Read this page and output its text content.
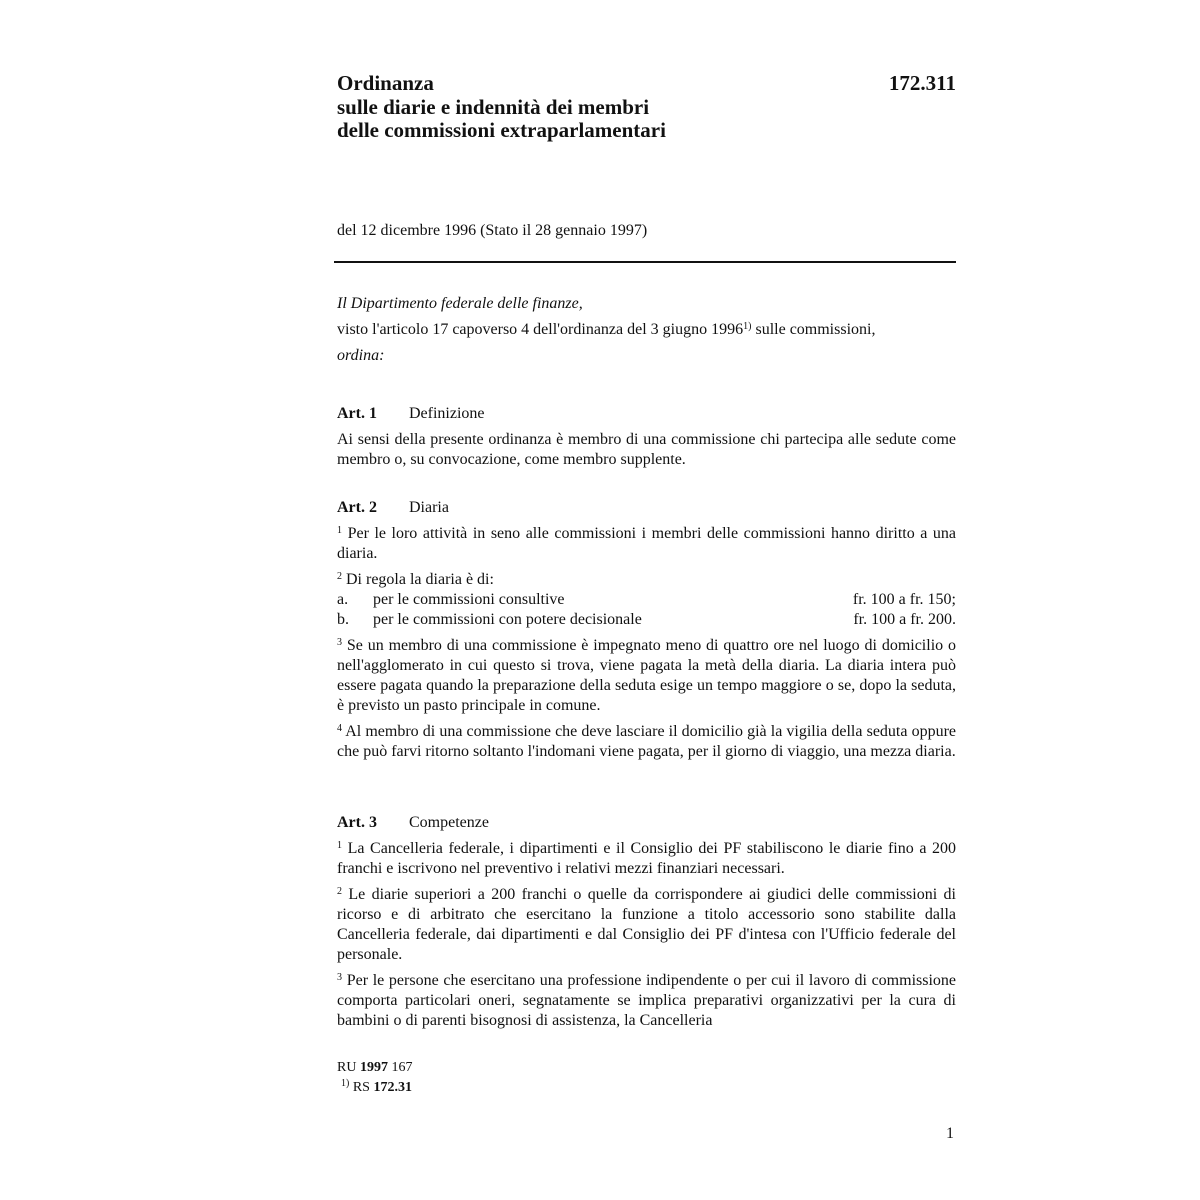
Ordinanza
sulle diarie e indennità dei membri
delle commissioni extraparlamentari
172.311
del 12 dicembre 1996 (Stato il 28 gennaio 1997)
Il Dipartimento federale delle finanze,
visto l'articolo 17 capoverso 4 dell'ordinanza del 3 giugno 1996$^{1)}$ sulle commissioni,
ordina:
Art. 1 Definizione
Ai sensi della presente ordinanza è membro di una commissione chi partecipa alle sedute come membro o, su convocazione, come membro supplente.
Art. 2 Diaria
$^1$ Per le loro attività in seno alle commissioni i membri delle commissioni hanno diritto a una diaria.
$^2$ Di regola la diaria è di:
a.	per le commissioni consultive	fr. 100 a fr. 150;
b.	per le commissioni con potere decisionale	fr. 100 a fr. 200.
$^3$ Se un membro di una commissione è impegnato meno di quattro ore nel luogo di domicilio o nell'agglomerato in cui questo si trova, viene pagata la metà della diaria. La diaria intera può essere pagata quando la preparazione della seduta esige un tempo maggiore o se, dopo la seduta, è previsto un pasto principale in comune.
$^4$ Al membro di una commissione che deve lasciare il domicilio già la vigilia della seduta oppure che può farvi ritorno soltanto l'indomani viene pagata, per il giorno di viaggio, una mezza diaria.
Art. 3 Competenze
$^1$ La Cancelleria federale, i dipartimenti e il Consiglio dei PF stabiliscono le diarie fino a 200 franchi e iscrivono nel preventivo i relativi mezzi finanziari necessari.
$^2$ Le diarie superiori a 200 franchi o quelle da corrispondere ai giudici delle commissioni di ricorso e di arbitrato che esercitano la funzione a titolo accessorio sono stabilite dalla Cancelleria federale, dai dipartimenti e dal Consiglio dei PF d'intesa con l'Ufficio federale del personale.
$^3$ Per le persone che esercitano una professione indipendente o per cui il lavoro di commissione comporta particolari oneri, segnatamente se implica preparativi organizzativi per la cura di bambini o di parenti bisognosi di assistenza, la Cancelleria
RU 1997 167
$^{1)}$ RS 172.31
1
